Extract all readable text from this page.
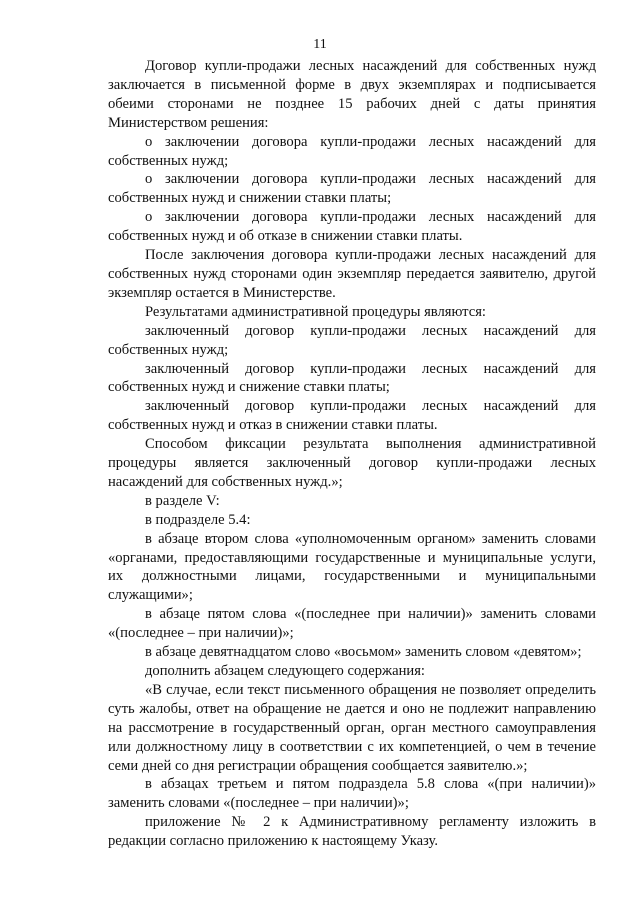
11

Договор купли-продажи лесных насаждений для собственных нужд заключается в письменной форме в двух экземплярах и подписывается обеими сторонами не позднее 15 рабочих дней с даты принятия Министерством решения:

о заключении договора купли-продажи лесных насаждений для собственных нужд;

о заключении договора купли-продажи лесных насаждений для собственных нужд и снижении ставки платы;

о заключении договора купли-продажи лесных насаждений для собственных нужд и об отказе в снижении ставки платы.

После заключения договора купли-продажи лесных насаждений для собственных нужд сторонами один экземпляр передается заявителю, другой экземпляр остается в Министерстве.

Результатами административной процедуры являются:

заключенный договор купли-продажи лесных насаждений для собственных нужд;

заключенный договор купли-продажи лесных насаждений для собственных нужд и снижение ставки платы;

заключенный договор купли-продажи лесных насаждений для собственных нужд и отказ в снижении ставки платы.

Способом фиксации результата выполнения административной процедуры является заключенный договор купли-продажи лесных насаждений для собственных нужд.»;

в разделе V:

в подразделе 5.4:

в абзаце втором слова «уполномоченным органом» заменить словами «органами, предоставляющими государственные и муниципальные услуги, их должностными лицами, государственными и муниципальными служащими»;

в абзаце пятом слова «(последнее при наличии)» заменить словами «(последнее – при наличии)»;

в абзаце девятнадцатом слово «восьмом» заменить словом «девятом»;

дополнить абзацем следующего содержания:

«В случае, если текст письменного обращения не позволяет определить суть жалобы, ответ на обращение не дается и оно не подлежит направлению на рассмотрение в государственный орган, орган местного самоуправления или должностному лицу в соответствии с их компетенцией, о чем в течение семи дней со дня регистрации обращения сообщается заявителю.»;

в абзацах третьем и пятом подраздела 5.8 слова «(при наличии)» заменить словами «(последнее – при наличии)»;

приложение № 2 к Административному регламенту изложить в редакции согласно приложению к настоящему Указу.
